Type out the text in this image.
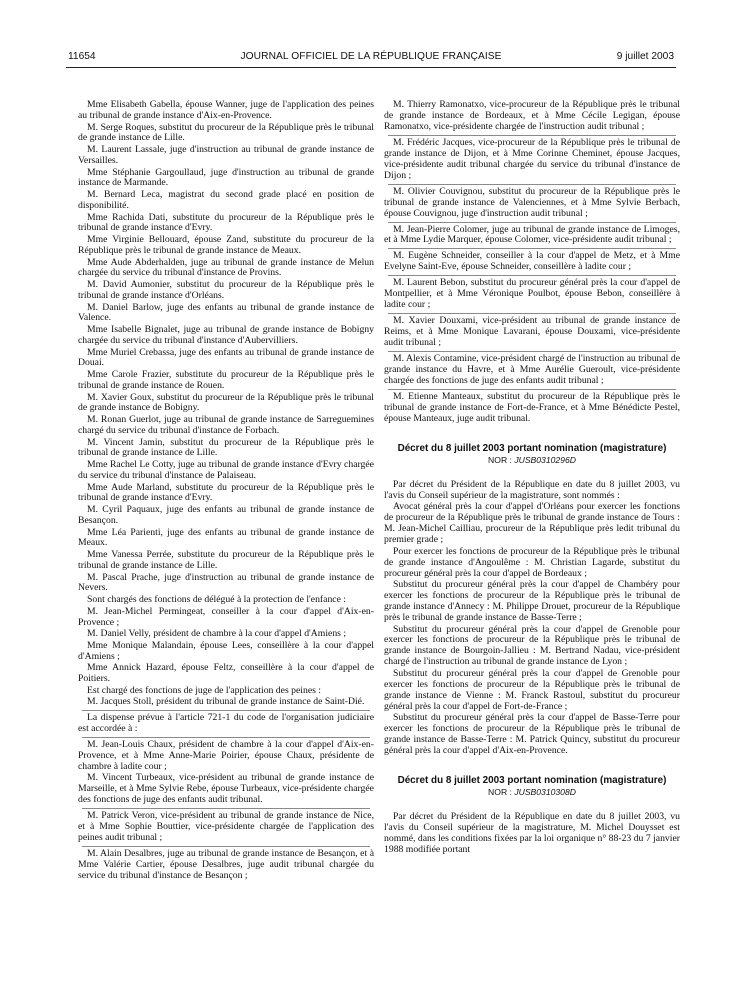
11654	JOURNAL OFFICIEL DE LA RÉPUBLIQUE FRANÇAISE	9 juillet 2003

Mme Elisabeth Gabella, épouse Wanner, juge de l'application des peines au tribunal de grande instance d'Aix-en-Provence.

M. Serge Roques, substitut du procureur de la République près le tribunal de grande instance de Lille.

M. Laurent Lassale, juge d'instruction au tribunal de grande instance de Versailles.

Mme Stéphanie Gargoullaud, juge d'instruction au tribunal de grande instance de Marmande.

M. Bernard Leca, magistrat du second grade placé en position de disponibilité.

Mme Rachida Dati, substitute du procureur de la République près le tribunal de grande instance d'Evry.

Mme Virginie Bellouard, épouse Zand, substitute du procureur de la République près le tribunal de grande instance de Meaux.

Mme Aude Abderhalden, juge au tribunal de grande instance de Melun chargée du service du tribunal d'instance de Provins.

M. David Aumonier, substitut du procureur de la République près le tribunal de grande instance d'Orléans.

M. Daniel Barlow, juge des enfants au tribunal de grande instance de Valence.

Mme Isabelle Bignalet, juge au tribunal de grande instance de Bobigny chargée du service du tribunal d'instance d'Aubervilliers.

Mme Muriel Crebassa, juge des enfants au tribunal de grande instance de Douai.

Mme Carole Frazier, substitute du procureur de la République près le tribunal de grande instance de Rouen.

M. Xavier Goux, substitut du procureur de la République près le tribunal de grande instance de Bobigny.

M. Ronan Guerlot, juge au tribunal de grande instance de Sarreguemines chargé du service du tribunal d'instance de Forbach.

M. Vincent Jamin, substitut du procureur de la République près le tribunal de grande instance de Lille.

Mme Rachel Le Cotty, juge au tribunal de grande instance d'Evry chargée du service du tribunal d'instance de Palaiseau.

Mme Aude Marland, substitute du procureur de la République près le tribunal de grande instance d'Evry.

M. Cyril Paquaux, juge des enfants au tribunal de grande instance de Besançon.

Mme Léa Parienti, juge des enfants au tribunal de grande instance de Meaux.

Mme Vanessa Perrée, substitute du procureur de la République près le tribunal de grande instance de Lille.

M. Pascal Prache, juge d'instruction au tribunal de grande instance de Nevers.

Sont chargés des fonctions de délégué à la protection de l'enfance :

M. Jean-Michel Permingeat, conseiller à la cour d'appel d'Aix-en-Provence ;

M. Daniel Velly, président de chambre à la cour d'appel d'Amiens ;

Mme Monique Malandain, épouse Lees, conseillère à la cour d'appel d'Amiens ;

Mme Annick Hazard, épouse Feltz, conseillère à la cour d'appel de Poitiers.

Est chargé des fonctions de juge de l'application des peines :

M. Jacques Stoll, président du tribunal de grande instance de Saint-Dié.

La dispense prévue à l'article 721-1 du code de l'organisation judiciaire est accordée à :

M. Jean-Louis Chaux, président de chambre à la cour d'appel d'Aix-en-Provence, et à Mme Anne-Marie Poirier, épouse Chaux, présidente de chambre à ladite cour ;

M. Vincent Turbeaux, vice-président au tribunal de grande instance de Marseille, et à Mme Sylvie Rebe, épouse Turbeaux, vice-présidente chargée des fonctions de juge des enfants audit tribunal.

M. Patrick Veron, vice-président au tribunal de grande instance de Nice, et à Mme Sophie Bouttier, vice-présidente chargée de l'application des peines audit tribunal ;

M. Alain Desalbres, juge au tribunal de grande instance de Besançon, et à Mme Valérie Cartier, épouse Desalbres, juge audit tribunal chargée du service du tribunal d'instance de Besançon ;

M. Thierry Ramonatxo, vice-procureur de la République près le tribunal de grande instance de Bordeaux, et à Mme Cécile Legigan, épouse Ramonatxo, vice-présidente chargée de l'instruction audit tribunal ;

M. Frédéric Jacques, vice-procureur de la République près le tribunal de grande instance de Dijon, et à Mme Corinne Cheminet, épouse Jacques, vice-présidente audit tribunal chargée du service du tribunal d'instance de Dijon ;

M. Olivier Couvignou, substitut du procureur de la République près le tribunal de grande instance de Valenciennes, et à Mme Sylvie Berbach, épouse Couvignou, juge d'instruction audit tribunal ;

M. Jean-Pierre Colomer, juge au tribunal de grande instance de Limoges, et à Mme Lydie Marquer, épouse Colomer, vice-présidente audit tribunal ;

M. Eugène Schneider, conseiller à la cour d'appel de Metz, et à Mme Evelyne Saint-Eve, épouse Schneider, conseillère à ladite cour ;

M. Laurent Bebon, substitut du procureur général près la cour d'appel de Montpellier, et à Mme Véronique Poulbot, épouse Bebon, conseillère à ladite cour ;

M. Xavier Douxami, vice-président au tribunal de grande instance de Reims, et à Mme Monique Lavarani, épouse Douxami, vice-présidente audit tribunal ;

M. Alexis Contamine, vice-président chargé de l'instruction au tribunal de grande instance du Havre, et à Mme Aurélie Gueroult, vice-présidente chargée des fonctions de juge des enfants audit tribunal ;

M. Etienne Manteaux, substitut du procureur de la République près le tribunal de grande instance de Fort-de-France, et à Mme Bénédicte Pestel, épouse Manteaux, juge audit tribunal.

Décret du 8 juillet 2003 portant nomination (magistrature)
NOR : JUSB0310296D

Par décret du Président de la République en date du 8 juillet 2003, vu l'avis du Conseil supérieur de la magistrature, sont nommés :

Avocat général près la cour d'appel d'Orléans pour exercer les fonctions de procureur de la République près le tribunal de grande instance de Tours : M. Jean-Michel Cailliau, procureur de la République près ledit tribunal du premier grade ;

Pour exercer les fonctions de procureur de la République près le tribunal de grande instance d'Angoulême : M. Christian Lagarde, substitut du procureur général près la cour d'appel de Bordeaux ;

Substitut du procureur général près la cour d'appel de Chambéry pour exercer les fonctions de procureur de la République près le tribunal de grande instance d'Annecy : M. Philippe Drouet, procureur de la République près le tribunal de grande instance de Basse-Terre ;

Substitut du procureur général près la cour d'appel de Grenoble pour exercer les fonctions de procureur de la République près le tribunal de grande instance de Bourgoin-Jallieu : M. Bertrand Nadau, vice-président chargé de l'instruction au tribunal de grande instance de Lyon ;

Substitut du procureur général près la cour d'appel de Grenoble pour exercer les fonctions de procureur de la République près le tribunal de grande instance de Vienne : M. Franck Rastoul, substitut du procureur général près la cour d'appel de Fort-de-France ;

Substitut du procureur général près la cour d'appel de Basse-Terre pour exercer les fonctions de procureur de la République près le tribunal de grande instance de Basse-Terre : M. Patrick Quincy, substitut du procureur général près la cour d'appel d'Aix-en-Provence.

Décret du 8 juillet 2003 portant nomination (magistrature)
NOR : JUSB0310308D

Par décret du Président de la République en date du 8 juillet 2003, vu l'avis du Conseil supérieur de la magistrature, M. Michel Douysset est nommé, dans les conditions fixées par la loi organique n° 88-23 du 7 janvier 1988 modifiée portant
